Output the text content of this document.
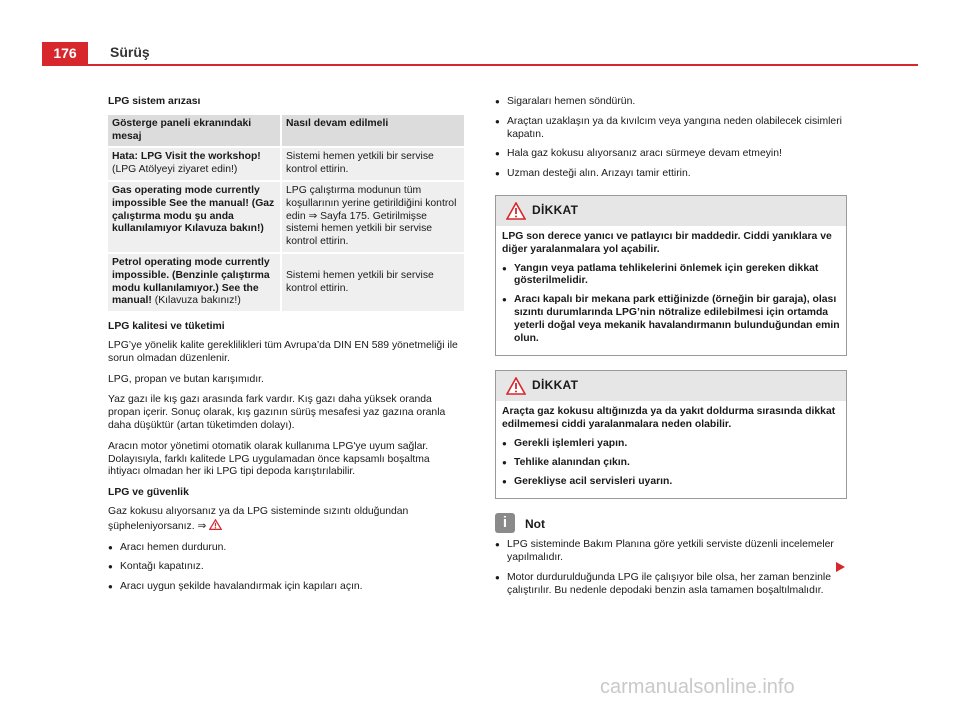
176	Sürüş
LPG sistem arızası
Gösterge paneli ekranındaki mesaj	Nasıl devam edilmeli
Hata: LPG Visit the workshop!
(LPG Atölyeyi ziyaret edin!)	Sistemi hemen yetkili bir servise kontrol ettirin.
Gas operating mode currently impossible See the manual! (Gaz çalıştırma modu şu anda kullanılamıyor Kılavuza bakın!)	LPG çalıştırma modunun tüm koşullarının yerine getirildiğini kontrol edin ⇒ Sayfa 175. Getirilmişse sistemi hemen yetkili bir servise kontrol ettirin.
Petrol operating mode currently impossible. (Benzinle çalıştırma modu kullanılamıyor.) See the manual! (Kılavuza bakınız!)	Sistemi hemen yetkili bir servise kontrol ettirin.
LPG kalitesi ve tüketimi

LPG’ye yönelik kalite gereklilikleri tüm Avrupa’da DIN EN 589 yönetmeliği ile sorun olmadan düzenlenir.

LPG, propan ve butan karışımıdır.

Yaz gazı ile kış gazı arasında fark vardır. Kış gazı daha yüksek oranda propan içerir. Sonuç olarak, kış gazının sürüş mesafesi yaz gazına oranla daha düşüktür (artan tüketimden dolayı).

Aracın motor yönetimi otomatik olarak kullanıma LPG'ye uyum sağlar. Dolayısıyla, farklı kalitede LPG uygulamadan önce kapsamlı boşaltma ihtiyacı olmadan her iki LPG tipi depoda karıştırılabilir.

LPG ve güvenlik

Gaz kokusu alıyorsanız ya da LPG sisteminde sızıntı olduğundan şüpheleniyorsanız. ⇒

● Aracı hemen durdurun.
● Kontağı kapatınız.
● Aracı uygun şekilde havalandırmak için kapıları açın.
● Sigaraları hemen söndürün.
● Araçtan uzaklaşın ya da kıvılcım veya yangına neden olabilecek cisimleri kapatın.
● Hala gaz kokusu alıyorsanız aracı sürmeye devam etmeyin!
● Uzman desteği alın. Arızayı tamir ettirin.
DİKKAT

LPG son derece yanıcı ve patlayıcı bir maddedir. Ciddi yanıklara ve diğer yaralanmalara yol açabilir.

● Yangın veya patlama tehlikelerini önlemek için gereken dikkat gösterilmelidir.
● Aracı kapalı bir mekana park ettiğinizde (örneğin bir garaja), olası sızıntı durumlarında LPG’nin nötralize edilebilmesi için ortamda yeterli doğal veya mekanik havalandırmanın bulunduğundan emin olun.
DİKKAT

Araçta gaz kokusu altığınızda ya da yakıt doldurma sırasında dikkat edilmemesi ciddi yaralanmalara neden olabilir.

● Gerekli işlemleri yapın.
● Tehlike alanından çıkın.
● Gerekliyse acil servisleri uyarın.
i	Not
● LPG sisteminde Bakım Planına göre yetkili serviste düzenli incelemeler yapılmalıdır.
● Motor durdurulduğunda LPG ile çalışıyor bile olsa, her zaman benzinle çalıştırılır. Bu nedenle depodaki benzin asla tamamen boşaltılmalıdır.
carmanualsonline.info
